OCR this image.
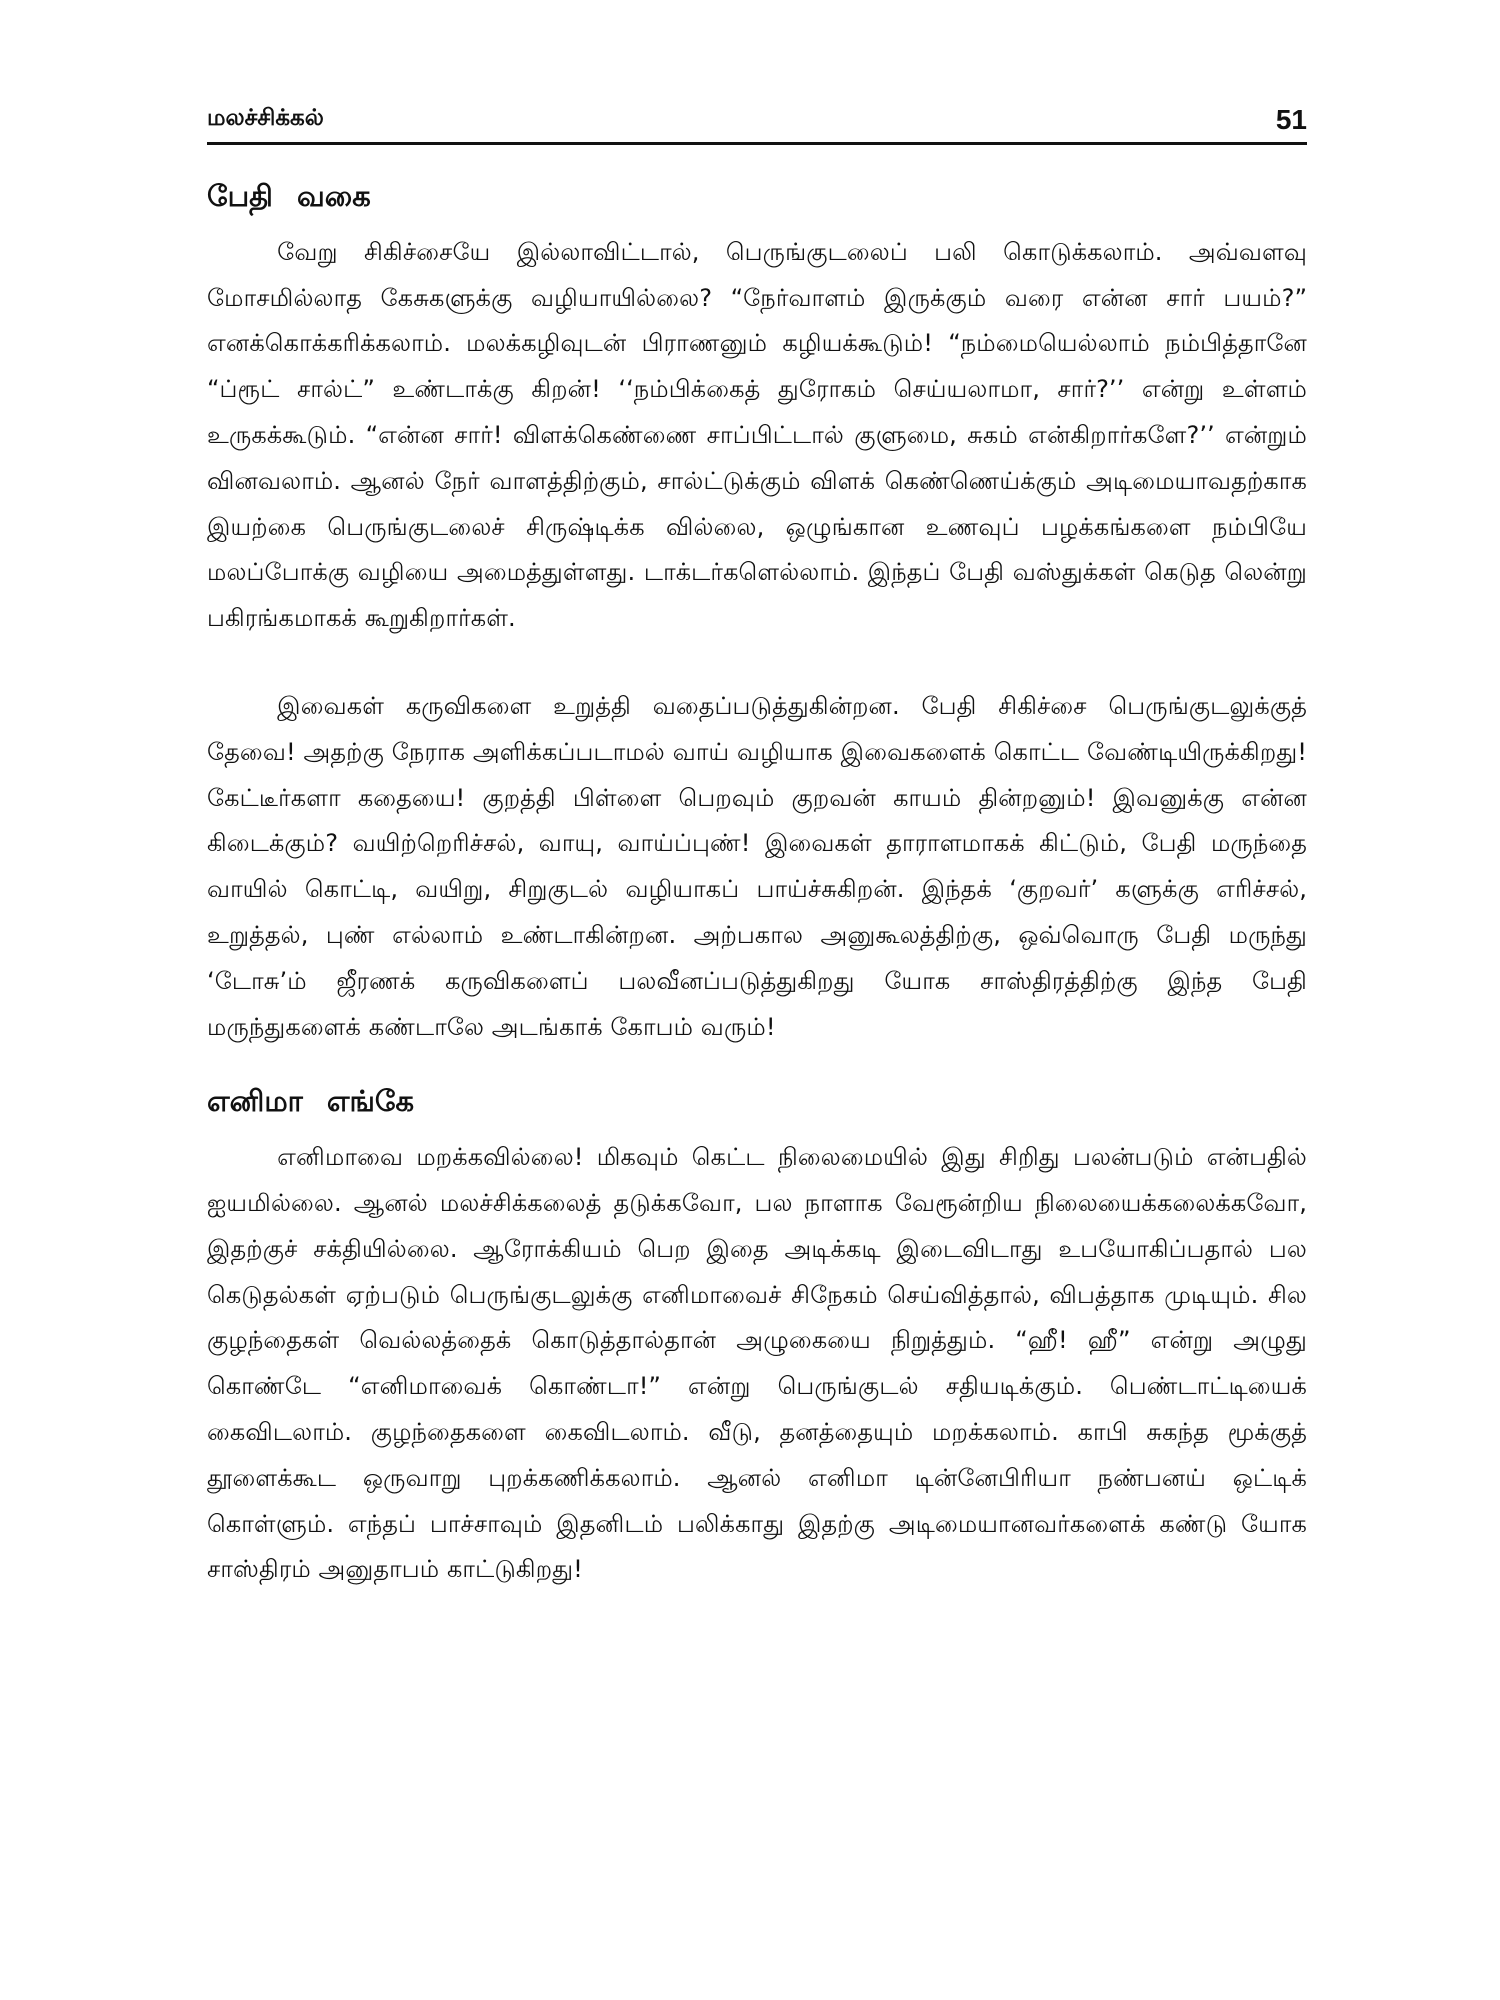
மலச்சிக்கல்	51
பேதி வகை

வேறு சிகிச்சையே இல்லாவிட்டால், பெருங்குடலைப் பலி கொடுக்கலாம். அவ்வளவு மோசமில்லாத கேசுகளுக்கு வழியாயில்லை? “நேர்வாளம் இருக்கும் வரை என்ன சார் பயம்?” எனக்கொக்கரிக்கலாம். மலக்கழிவுடன் பிராணனும் கழியக்கூடும்! “நம்மையெல்லாம் நம்பித்தானே “ப்ரூட் சால்ட்” உண்டாக்கு கிறன்! ‘‘நம்பிக்கைத் துரோகம் செய்யலாமா, சார்?’’ என்று உள்ளம் உருகக்கூடும். “என்ன சார்! விளக்கெண்ணை சாப்பிட்டால் குளுமை, சுகம் என்கிறார்களே?’’ என்றும் வினவலாம். ஆனல் நேர் வாளத்திற்கும், சால்ட்டுக்கும் விளக் கெண்ணெய்க்கும் அடிமையாவதற்காக இயற்கை பெருங்குடலைச் சிருஷ்டிக்க வில்லை, ஒழுங்கான உணவுப் பழக்கங்களை நம்பியே மலப்போக்கு வழியை அமைத்துள்ளது. டாக்டர்களெல்லாம். இந்தப் பேதி வஸ்துக்கள் கெடுத லென்று பகிரங்கமாகக் கூறுகிறார்கள்.

இவைகள் கருவிகளை உறுத்தி வதைப்படுத்துகின்றன. பேதி சிகிச்சை பெருங்குடலுக்குத் தேவை! அதற்கு நேராக அளிக்கப்படாமல் வாய் வழியாக இவைகளைக் கொட்ட வேண்டியிருக்கிறது! கேட்டீர்களா கதையை! குறத்தி பிள்ளை பெறவும் குறவன் காயம் தின்றனும்! இவனுக்கு என்ன கிடைக்கும்? வயிற்றெரிச்சல், வாயு, வாய்ப்புண்! இவைகள் தாராளமாகக் கிட்டும், பேதி மருந்தை வாயில் கொட்டி, வயிறு, சிறுகுடல் வழியாகப் பாய்ச்சுகிறன். இந்தக் ‘குறவர்’ களுக்கு எரிச்சல், உறுத்தல், புண் எல்லாம் உண்டாகின்றன. அற்பகால அனுகூலத்திற்கு, ஒவ்வொரு பேதி மருந்து ‘டோசு’ம் ஜீரணக் கருவிகளைப் பலவீனப்படுத்துகிறது யோக சாஸ்திரத்திற்கு இந்த பேதி மருந்துகளைக் கண்டாலே அடங்காக் கோபம் வரும்!

எனிமா எங்கே

எனிமாவை மறக்கவில்லை! மிகவும் கெட்ட நிலைமையில் இது சிறிது பலன்படும் என்பதில் ஐயமில்லை. ஆனல் மலச்சிக்கலைத் தடுக்கவோ, பல நாளாக வேரூன்றிய நிலையைக்கலைக்கவோ, இதற்குச் சக்தியில்லை. ஆரோக்கியம் பெற இதை அடிக்கடி இடைவிடாது உபயோகிப்பதால் பல கெடுதல்கள் ஏற்படும் பெருங்குடலுக்கு எனிமாவைச் சிநேகம் செய்வித்தால், விபத்தாக முடியும். சில குழந்தைகள் வெல்லத்தைக் கொடுத்தால்தான் அழுகையை நிறுத்தும். “ஹீ! ஹீ” என்று அழுது கொண்டே “எனிமாவைக் கொண்டா!” என்று பெருங்குடல் சதியடிக்கும். பெண்டாட்டியைக் கைவிடலாம். குழந்தைகளை கைவிடலாம். வீடு, தனத்தையும் மறக்கலாம். காபி சுகந்த மூக்குத் தூளைக்கூட ஒருவாறு புறக்கணிக்கலாம். ஆனல் எனிமா டின்னேபிரியா நண்பனய் ஒட்டிக் கொள்ளும். எந்தப் பாச்சாவும் இதனிடம் பலிக்காது இதற்கு அடிமையானவர்களைக் கண்டு யோக சாஸ்திரம் அனுதாபம் காட்டுகிறது!
